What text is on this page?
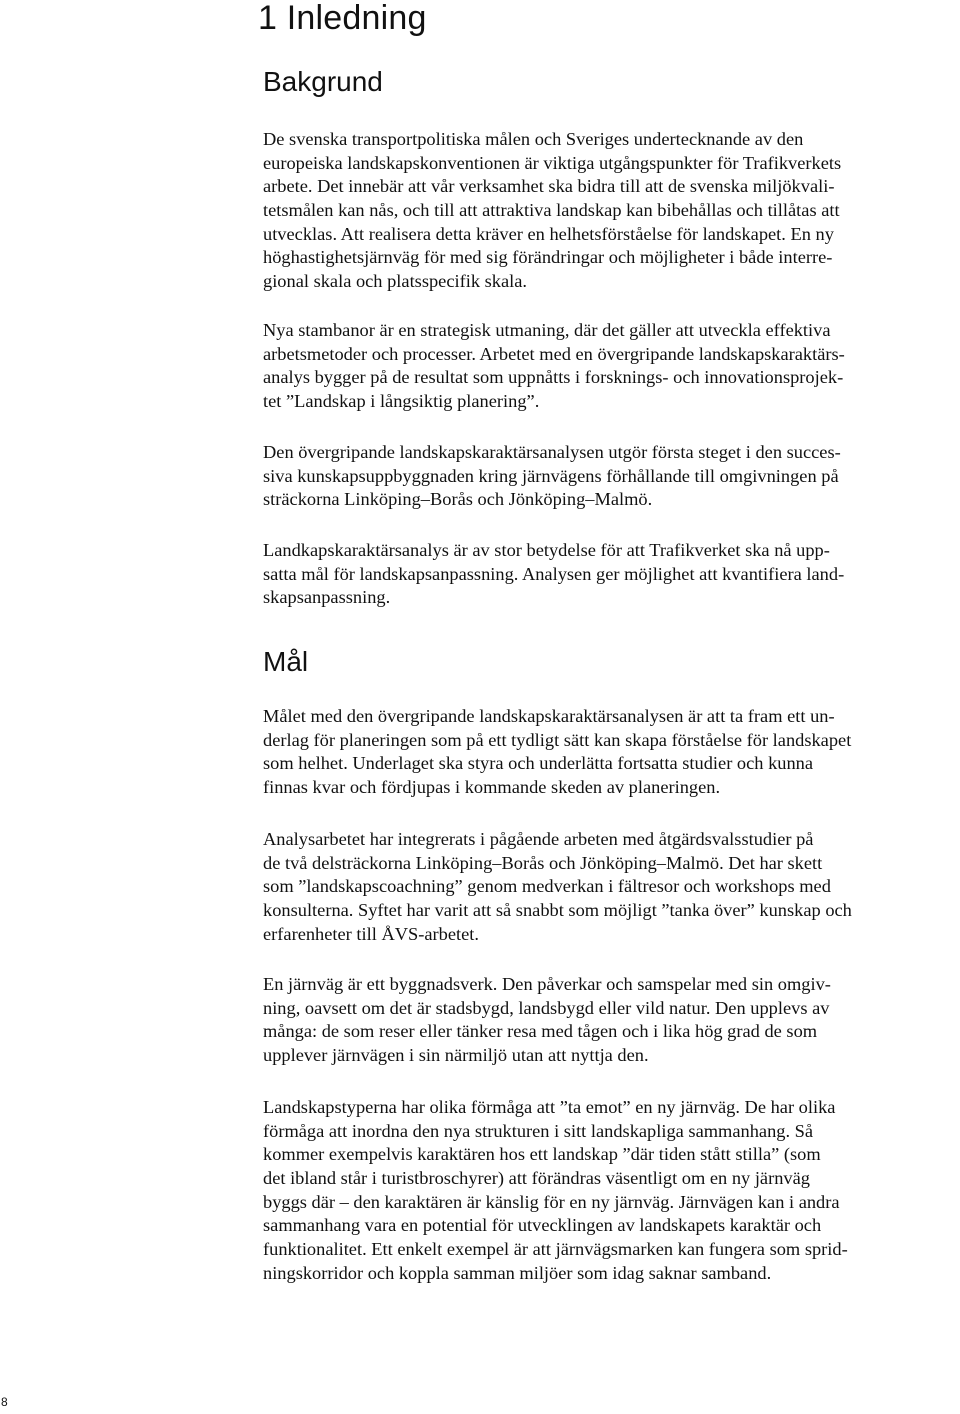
1 Inledning
Bakgrund
De svenska transportpolitiska målen och Sveriges undertecknande av den
europeiska landskapskonventionen är viktiga utgångspunkter för Trafikverkets
arbete. Det innebär att vår verksamhet ska bidra till att de svenska miljökvali-
tetsmålen kan nås, och till att attraktiva landskap kan bibehållas och tillåtas att
utvecklas. Att realisera detta kräver en helhetsförståelse för landskapet. En ny
höghastighetsjärnväg för med sig förändringar och möjligheter i både interre-
gional skala och platsspecifik skala.
Nya stambanor är en strategisk utmaning, där det gäller att utveckla effektiva
arbetsmetoder och processer. Arbetet med en övergripande landskapskaraktärs-
analys bygger på de resultat som uppnåtts i forsknings- och innovationsprojek-
tet ”Landskap i långsiktig planering”.
Den övergripande landskapskaraktärsanalysen utgör första steget i den succes-
siva kunskapsuppbyggnaden kring järnvägens förhållande till omgivningen på
sträckorna Linköping–Borås och Jönköping–Malmö.
Landkapskaraktärsanalys är av stor betydelse för att Trafikverket ska nå upp-
satta mål för landskapsanpassning. Analysen ger möjlighet att kvantifiera land-
skapsanpassning.
Mål
Målet med den övergripande landskapskaraktärsanalysen är att ta fram ett un-
derlag för planeringen som på ett tydligt sätt kan skapa förståelse för landskapet
som helhet. Underlaget ska styra och underlätta fortsatta studier och kunna
finnas kvar och fördjupas i kommande skeden av planeringen.
Analysarbetet har integrerats i pågående arbeten med åtgärdsvalsstudier på
de två delsträckorna Linköping–Borås och Jönköping–Malmö. Det har skett
som ”landskapscoachning” genom medverkan i fältresor och workshops med
konsulterna. Syftet har varit att så snabbt som möjligt ”tanka över” kunskap och
erfarenheter till ÅVS-arbetet.
En järnväg är ett byggnadsverk. Den påverkar och samspelar med sin omgiv-
ning, oavsett om det är stadsbygd, landsbygd eller vild natur. Den upplevs av
många: de som reser eller tänker resa med tågen och i lika hög grad de som
upplever järnvägen i sin närmiljö utan att nyttja den.
Landskapstyperna har olika förmåga att ”ta emot” en ny järnväg. De har olika
förmåga att inordna den nya strukturen i sitt landskapliga sammanhang. Så
kommer exempelvis karaktären hos ett landskap ”där tiden stått stilla” (som
det ibland står i turistbroschyrer) att förändras väsentligt om en ny järnväg
byggs där – den karaktären är känslig för en ny järnväg. Järnvägen kan i andra
sammanhang vara en potential för utvecklingen av landskapets karaktär och
funktionalitet. Ett enkelt exempel är att järnvägsmarken kan fungera som sprid-
ningskorridor och koppla samman miljöer som idag saknar samband.
8
